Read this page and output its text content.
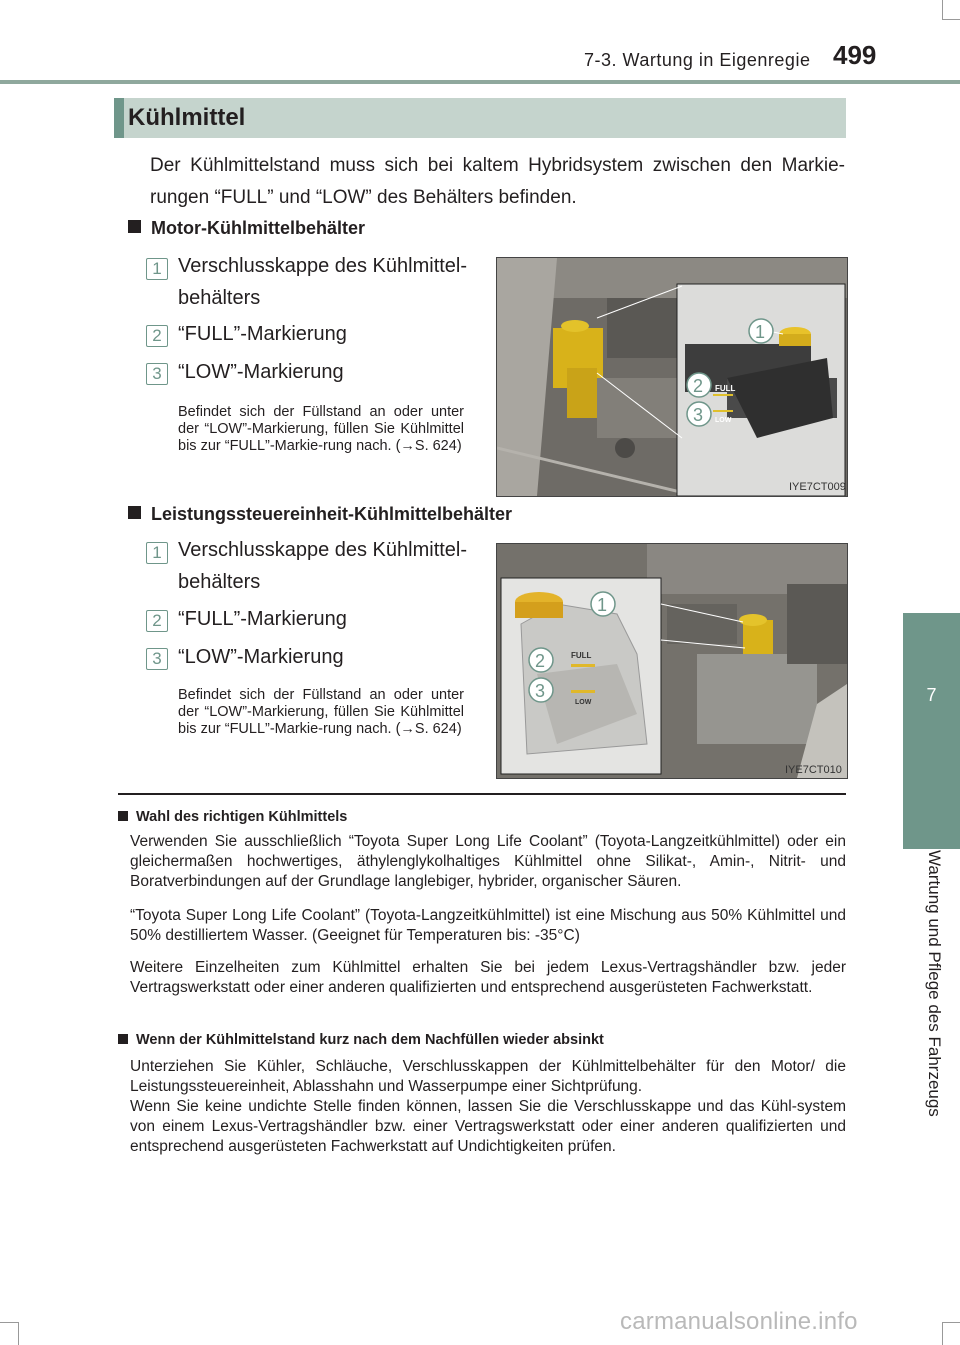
7-3. Wartung in Eigenregie 499
7
Wartung und Pflege des Fahrzeugs
Kühlmittel
Der Kühlmittelstand muss sich bei kaltem Hybridsystem zwischen den Markie-rungen “FULL” und “LOW” des Behälters befinden.
Motor-Kühlmittelbehälter
1 Verschlusskappe des Kühlmittel-
behälters
2 “FULL”-Markierung
3 “LOW”-Markierung
Befindet sich der Füllstand an oder unter der “LOW”-Markierung, füllen Sie Kühlmittel bis zur “FULL”-Markie-rung nach. (→S. 624)
FULL
LOW
1
2
3
IYE7CT009
Leistungssteuereinheit-Kühlmittelbehälter
1 Verschlusskappe des Kühlmittel-
behälters
2 “FULL”-Markierung
3 “LOW”-Markierung
Befindet sich der Füllstand an oder unter der “LOW”-Markierung, füllen Sie Kühlmittel bis zur “FULL”-Markie-rung nach. (→S. 624)
FULL
LOW
1
2
3
IYE7CT010
Wahl des richtigen Kühlmittels
Verwenden Sie ausschließlich “Toyota Super Long Life Coolant” (Toyota-Langzeitkühlmittel) oder ein gleichermaßen hochwertiges, äthylenglykolhaltiges Kühlmittel ohne Silikat-, Amin-, Nitrit- und Boratverbindungen auf der Grundlage langlebiger, hybrider, organischer Säuren.
“Toyota Super Long Life Coolant” (Toyota-Langzeitkühlmittel) ist eine Mischung aus 50% Kühlmittel und 50% destilliertem Wasser. (Geeignet für Temperaturen bis: -35°C)
Weitere Einzelheiten zum Kühlmittel erhalten Sie bei jedem Lexus-Vertragshändler bzw. jeder Vertragswerkstatt oder einer anderen qualifizierten und entsprechend ausgerüsteten Fachwerkstatt.
Wenn der Kühlmittelstand kurz nach dem Nachfüllen wieder absinkt
Unterziehen Sie Kühler, Schläuche, Verschlusskappen der Kühlmittelbehälter für den Motor/ die Leistungssteuereinheit, Ablasshahn und Wasserpumpe einer Sichtprüfung.
Wenn Sie keine undichte Stelle finden können, lassen Sie die Verschlusskappe und das Kühl-system von einem Lexus-Vertragshändler bzw. einer Vertragswerkstatt oder einer anderen qualifizierten und entsprechend ausgerüsteten Fachwerkstatt auf Undichtigkeiten prüfen.
carmanualsonline.info
